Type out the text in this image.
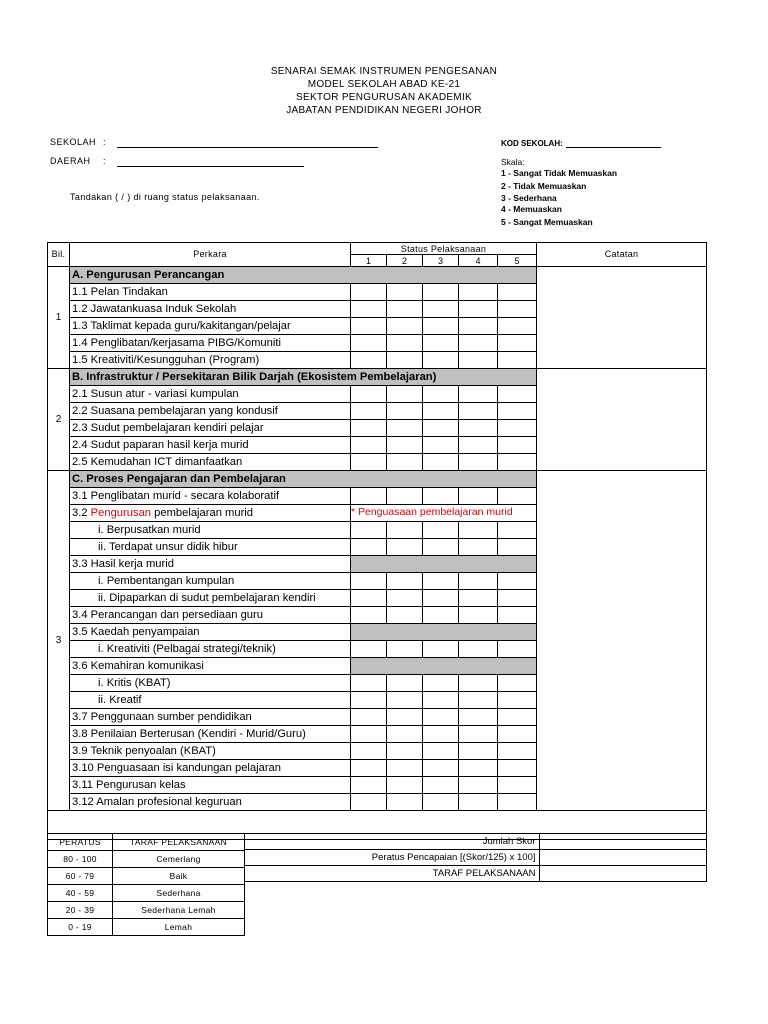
SENARAI SEMAK INSTRUMEN PENGESANAN
MODEL SEKOLAH ABAD KE-21
SEKTOR PENGURUSAN AKADEMIK
JABATAN PENDIDIKAN NEGERI JOHOR
SEKOLAH :
DAERAH :
KOD SEKOLAH:
Tandakan ( / ) di ruang status pelaksanaan.
Skala:
1 - Sangat Tidak Memuaskan
2 - Tidak Memuaskan
3 - Sederhana
4 - Memuaskan
5 - Sangat Memuaskan
Bil.	Perkara	Status Pelaksanaan					Catatan
		1	2	3	4	5	
1	A. Pengurusan Perancangan						
	1.1 Pelan Tindakan						
	1.2 Jawatankuasa Induk Sekolah						
	1.3 Taklimat kepada guru/kakitangan/pelajar						
	1.4 Penglibatan/kerjasama PIBG/Komuniti						
	1.5 Kreativiti/Kesungguhan (Program)						
2	B. Infrastruktur / Persekitaran Bilik Darjah (Ekosistem Pembelajaran)						
	2.1 Susun atur - variasi kumpulan						
	2.2 Suasana pembelajaran yang kondusif						
	2.3 Sudut pembelajaran kendiri pelajar						
	2.4 Sudut paparan hasil kerja murid						
	2.5 Kemudahan ICT dimanfaatkan						
3	C. Proses Pengajaran dan Pembelajaran						
	3.1 Penglibatan murid - secara kolaboratif						
	3.2 Pengurusan pembelajaran murid	* Penguasaan pembelajaran murid					

	i. Berpusatkan murid						
	ii. Terdapat unsur didik hibur						
	3.3 Hasil kerja murid						
	i. Pembentangan kumpulan						
	ii. Dipaparkan di sudut pembelajaran kendiri						
	3.4 Perancangan dan persediaan guru						
	3.5 Kaedah penyampaian						
	i. Kreativiti (Pelbagai strategi/teknik)						
	3.6 Kemahiran komunikasi						
	i. Kritis (KBAT)						
	ii. Kreatif						
	3.7 Penggunaan sumber pendidikan						
	3.8 Penilaian Berterusan (Kendiri - Murid/Guru)						
	3.9 Teknik penyoalan (KBAT)						
	3.10 Penguasaan isi kandungan pelajaran						
	3.11 Pengurusan kelas						
	3.12 Amalan profesional keguruan						

PERATUS	TARAF PELAKSANAAN
80 - 100	Cemerlang
60 - 79	Baik
40 - 59	Sederhana
20 - 39	Sederhana Lemah
0 - 19	Lemah
Jumlah Skor	
Peratus Pencapaian [(Skor/125) x 100]	
TARAF PELAKSANAAN	
